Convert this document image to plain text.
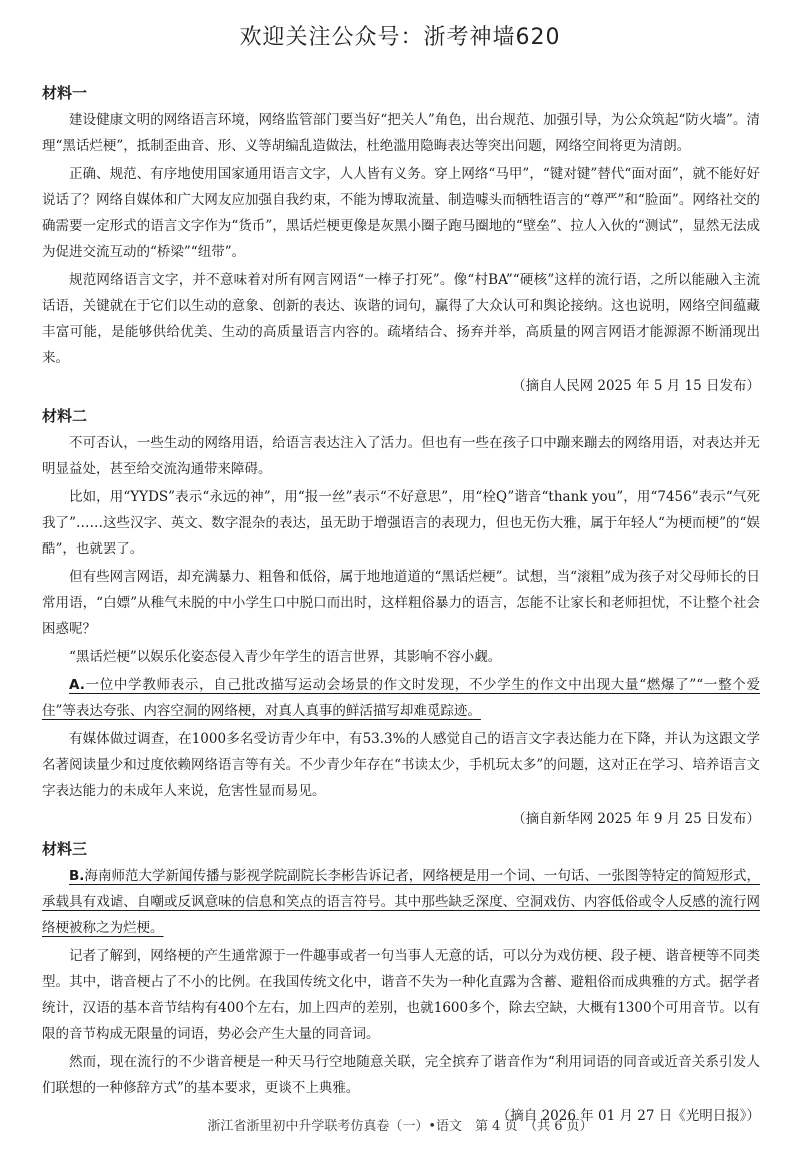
欢迎关注公众号：浙考神墙620
材料一

建设健康文明的网络语言环境，网络监管部门要当好“把关人”角色，出台规范、加强引导，为公众筑起“防火墙”。清理“黑话烂梗”，抵制歪曲音、形、义等胡编乱造做法，杜绝滥用隐晦表达等突出问题，网络空间将更为清朗。

正确、规范、有序地使用国家通用语言文字，人人皆有义务。穿上网络“马甲”，“键对键”替代“面对面”，就不能好好说话了？网络自媒体和广大网友应加强自我约束，不能为博取流量、制造噱头而牺牲语言的“尊严”和“脸面”。网络社交的确需要一定形式的语言文字作为“货币”，黑话烂梗更像是灰黑小圈子跑马圈地的“壁垒”、拉人入伙的“测试”，显然无法成为促进交流互动的“桥梁”“纽带”。

规范网络语言文字，并不意味着对所有网言网语“一棒子打死”。像“村BA”“硬核”这样的流行语，之所以能融入主流话语，关键就在于它们以生动的意象、创新的表达、诙谐的词句，赢得了大众认可和舆论接纳。这也说明，网络空间蕴藏丰富可能，是能够供给优美、生动的高质量语言内容的。疏堵结合、扬弃并举，高质量的网言网语才能源源不断涌现出来。

（摘自人民网 2025 年 5 月 15 日发布）
材料二

不可否认，一些生动的网络用语，给语言表达注入了活力。但也有一些在孩子口中蹦来蹦去的网络用语，对表达并无明显益处，甚至给交流沟通带来障碍。

比如，用“YYDS”表示“永远的神”，用“报一丝”表示“不好意思”，用“栓Q”谐音“thank you”，用“7456”表示“气死我了”……这些汉字、英文、数字混杂的表达，虽无助于增强语言的表现力，但也无伤大雅，属于年轻人“为梗而梗”的“娱酷”，也就罢了。

但有些网言网语，却充满暴力、粗鲁和低俗，属于地地道道的“黑话烂梗”。试想，当“滚粗”成为孩子对父母师长的日常用语，“白嫖”从稚气未脱的中小学生口中脱口而出时，这样粗俗暴力的语言，怎能不让家长和老师担忧，不让整个社会困惑呢？

“黑话烂梗”以娱乐化姿态侵入青少年学生的语言世界，其影响不容小觑。

A.一位中学教师表示，自己批改描写运动会场景的作文时发现，不少学生的作文中出现大量“燃爆了”“一整个爱住”等表达夸张、内容空洞的网络梗，对真人真事的鲜活描写却难觅踪迹。

有媒体做过调查，在1000多名受访青少年中，有53.3%的人感觉自己的语言文字表达能力在下降，并认为这跟文学名著阅读量少和过度依赖网络语言等有关。不少青少年存在“书读太少，手机玩太多”的问题，这对正在学习、培养语言文字表达能力的未成年人来说，危害性显而易见。

（摘自新华网 2025 年 9 月 25 日发布）
材料三

B.海南师范大学新闻传播与影视学院副院长李彬告诉记者，网络梗是用一个词、一句话、一张图等特定的简短形式，承载具有戏谑、自嘲或反讽意味的信息和笑点的语言符号。其中那些缺乏深度、空洞戏仿、内容低俗或令人反感的流行网络梗被称之为烂梗。

记者了解到，网络梗的产生通常源于一件趣事或者一句当事人无意的话，可以分为戏仿梗、段子梗、谐音梗等不同类型。其中，谐音梗占了不小的比例。在我国传统文化中，谐音不失为一种化直露为含蓄、避粗俗而成典雅的方式。据学者统计，汉语的基本音节结构有400个左右，加上四声的差别，也就1600多个，除去空缺，大概有1300个可用音节。以有限的音节构成无限量的词语，势必会产生大量的同音词。

然而，现在流行的不少谐音梗是一种天马行空地随意关联，完全摈弃了谐音作为“利用词语的同音或近音关系引发人们联想的一种修辞方式”的基本要求，更谈不上典雅。

（摘自 2026 年 01 月 27 日《光明日报》）
浙江省浙里初中升学联考仿真卷（一）•语文　第 4 页　（共 6 页）
